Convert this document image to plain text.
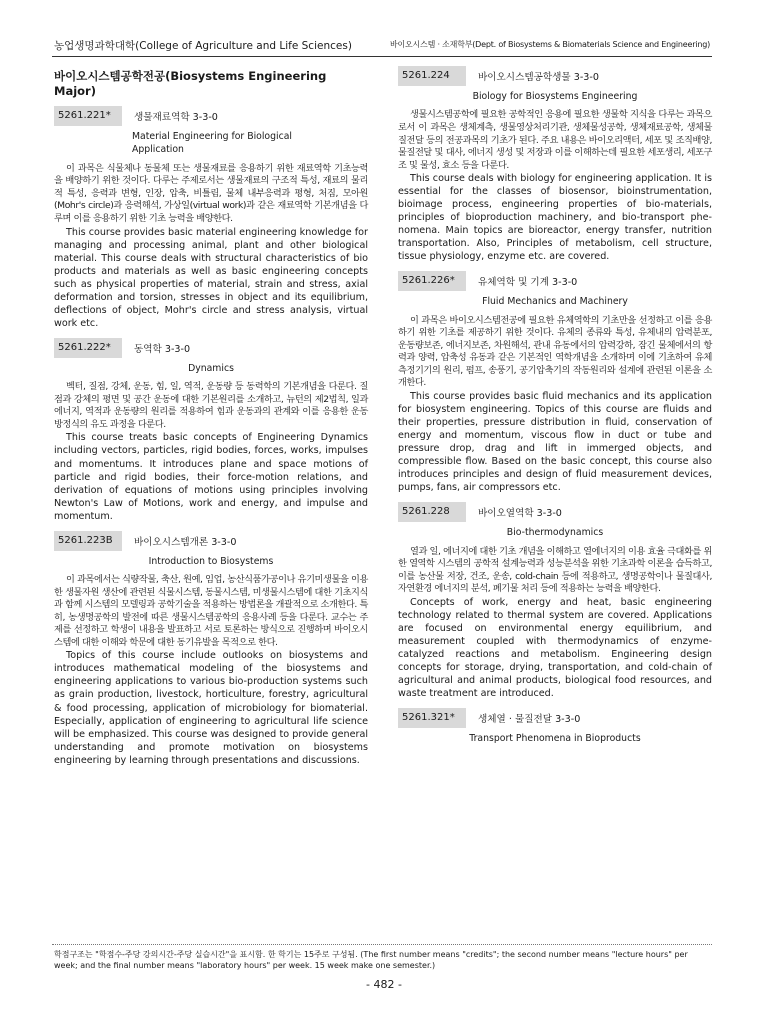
농업생명과학대학(College of Agriculture and Life Sciences)	바이오시스템 · 소재학부(Dept. of Biosystems & Biomaterials Science and Engineering)
바이오시스템공학전공(Biosystems Engineering Major)
5261.221*	생물재료역학 3-3-0
Material Engineering for Biological Application

이 과목은 식물체나 동물체 또는 생물재료를 응용하기 위한 재료역학 기초능력을 배양하기 위한 것이다. 다루는 주제로서는 생물재료의 구조적 특성, 재료의 물리적 특성, 응력과 변형, 인장, 압축, 비틀림, 물체 내부응력과 평형, 처짐, 모아원(Mohr's circle)과 응력해석, 가상일(virtual work)과 같은 재료역학 기본개념을 다루며 이를 응용하기 위한 기초 능력을 배양한다.

This course provides basic material engineering knowledge for managing and processing animal, plant and other biological material. This course deals with structural characteristics of bio products and materials as well as basic engineering concepts such as physical properties of material, strain and stress, axial deformation and torsion, stresses in object and its equilibrium, deflections of object, Mohr's circle and stress analysis, virtual work etc.

5261.222*	동역학 3-3-0
Dynamics

벡터, 질점, 강체, 운동, 힘, 일, 역적, 운동량 등 동력학의 기본개념을 다룬다. 질점과 강체의 평면 및 공간 운동에 대한 기본원리를 소개하고, 뉴턴의 제2법칙, 일과 에너지, 역적과 운동량의 원리를 적용하여 힘과 운동과의 관계와 이를 응용한 운동방정식의 유도 과정을 다룬다.

This course treats basic concepts of Engineering Dynamics including vectors, particles, rigid bodies, forces, works, impulses and momentums. It introduces plane and space motions of particle and rigid bodies, their force-motion relations, and derivation of equations of motions using principles involving Newton's Law of Motions, work and energy, and impulse and momentum.

5261.223B	바이오시스템개론 3-3-0
Introduction to Biosystems

이 과목에서는 식량작물, 축산, 원예, 임업, 농산식품가공이나 유기미생물을 이용한 생물자원 생산에 관련된 식물시스템, 동물시스템, 미생물시스템에 대한 기초지식과 함께 시스템의 모델링과 공학기술을 적용하는 방법론을 개괄적으로 소개한다. 특히, 농생명공학의 발전에 따른 생물시스템공학의 응용사례 등을 다룬다. 교수는 주제를 선정하고 학생이 내용을 발표하고 서로 토론하는 방식으로 진행하며 바이오시스템에 대한 이해와 학문에 대한 동기유발을 목적으로 한다.

Topics of this course include outlooks on biosystems and introduces mathematical modeling of the biosystems and engineering applications to various bio-production systems such as grain production, livestock, horticulture, forestry, agricultural & food processing, application of microbiology for biomaterial. Especially, application of engineering to agricultural life science will be emphasized. This course was designed to provide general understanding and promote motivation on biosystems engineering by learning through presentations and discussions.

5261.224	바이오시스템공학생물 3-3-0
Biology for Biosystems Engineering

생물시스템공학에 필요한 공학적인 응용에 필요한 생물학 지식을 다루는 과목으로서 이 과목은 생체계측, 생물영상처리기관, 생체물성공학, 생체재료공학, 생체물질전달 등의 전공과목의 기초가 된다. 주요 내용은 바이오리액터, 세포 및 조직배양, 물질전달 및 대사, 에너지 생성 및 저장과 이를 이해하는데 필요한 세포생리, 세포구조 및 물성, 효소 등을 다룬다.

This course deals with biology for engineering application. It is essential for the classes of biosensor, bioinstrumentation, bioimage process, engineering properties of bio-materials, principles of bioproduction machinery, and bio-transport phe- nomena. Main topics are bioreactor, energy transfer, nutrition transportation. Also, Principles of metabolism, cell structure, tissue physiology, enzyme etc. are covered.

5261.226*	유체역학 및 기계 3-3-0
Fluid Mechanics and Machinery

이 과목은 바이오시스템전공에 필요한 유체역학의 기초만을 선정하고 이를 응용하기 위한 기초를 제공하기 위한 것이다. 유체의 종류와 특성, 유체내의 압력분포, 운동량보존, 에너지보존, 차원해석, 관내 유동에서의 압력강하, 잠긴 물체에서의 항력과 양력, 압축성 유동과 같은 기본적인 역학개념을 소개하며 이에 기초하여 유체 측정기기의 원리, 펌프, 송풍기, 공기압축기의 작동원리와 설계에 관련된 이론을 소개한다.

This course provides basic fluid mechanics and its application for biosystem engineering. Topics of this course are fluids and their properties, pressure distribution in fluid, conservation of energy and momentum, viscous flow in duct or tube and pressure drop, drag and lift in immerged objects, and compressible flow. Based on the basic concept, this course also introduces principles and design of fluid measurement devices, pumps, fans, air compressors etc.

5261.228	바이오열역학 3-3-0
Bio-thermodynamics

열과 일, 에너지에 대한 기초 개념을 이해하고 열에너지의 이용 효율 극대화를 위한 열역학 시스템의 공학적 설계능력과 성능분석을 위한 기초과학 이론을 습득하고, 이를 농산물 저장, 건조, 운송, cold-chain 등에 적용하고, 생명공학이나 물질대사, 자연환경 에너지의 분석, 폐기물 처리 등에 적용하는 능력을 배양한다.

Concepts of work, energy and heat, basic engineering technology related to thermal system are covered. Applications are focused on environmental energy equilibrium, and measurement coupled with thermodynamics of enzyme-catalyzed reactions and metabolism. Engineering design concepts for storage, drying, transportation, and cold-chain of agricultural and animal products, biological food resources, and waste treatment are introduced.

5261.321*	생체열 · 물질전달 3-3-0
Transport Phenomena in Bioproducts
학점구조는 "학점수-주당 강의시간-주당 실습시간"을 표시함. 한 학기는 15주로 구성됨. (The first number means "credits"; the second number means "lecture hours" per week; and the final number means "laboratory hours" per week. 15 week make one semester.)
- 482 -
